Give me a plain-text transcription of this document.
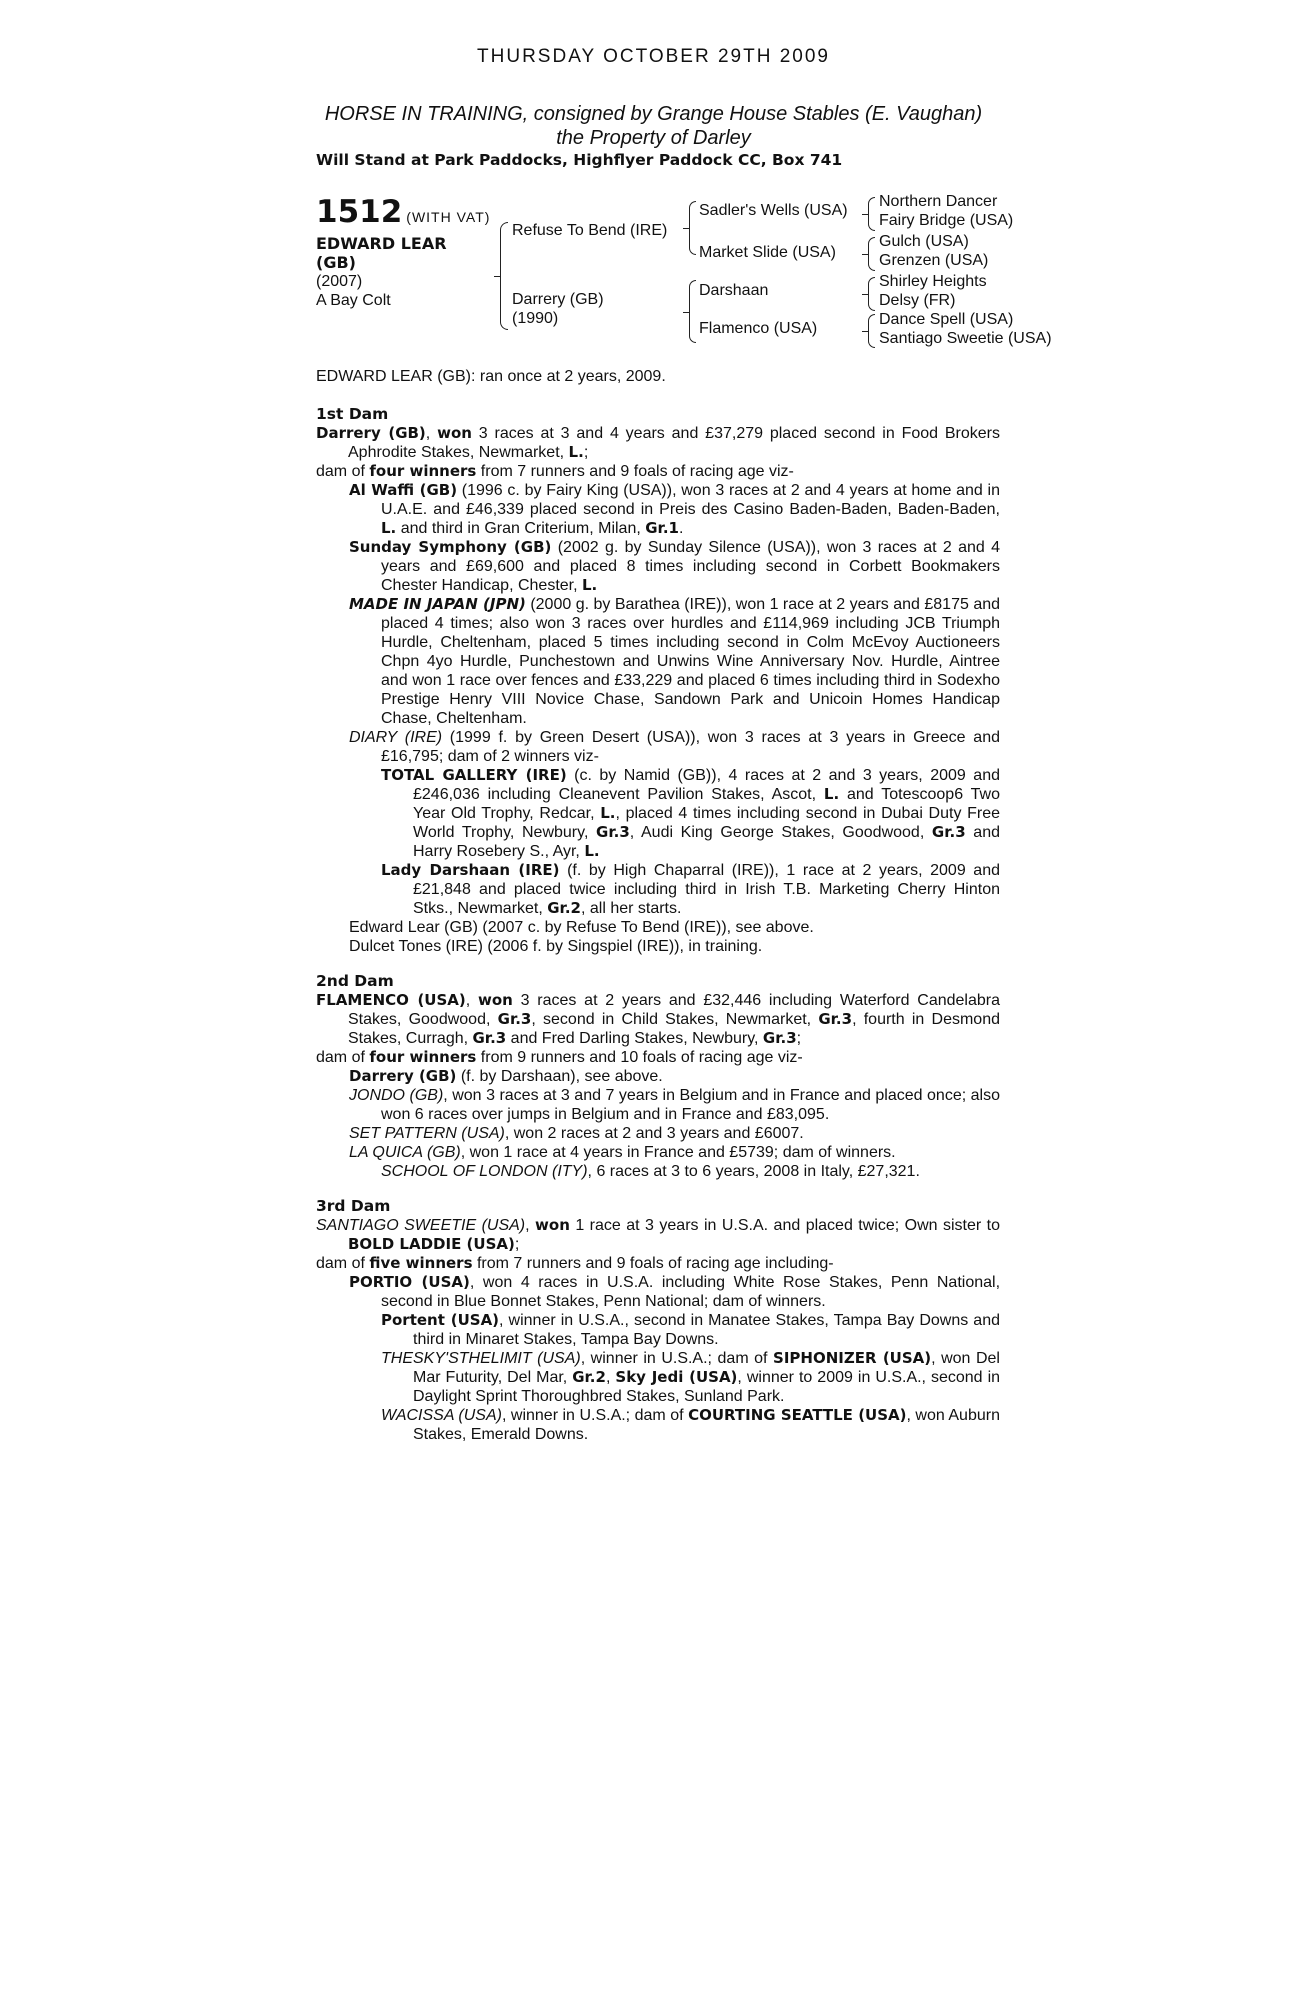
THURSDAY OCTOBER 29TH 2009
HORSE IN TRAINING, consigned by Grange House Stables (E. Vaughan)
the Property of Darley
Will Stand at Park Paddocks, Highflyer Paddock CC, Box 741
1512 (WITH VAT)
EDWARD LEAR (GB)
(2007)
A Bay Colt
Refuse To Bend (IRE)
Darrery (GB)
(1990)
Sadler's Wells (USA)
Market Slide (USA)
Darshaan
Flamenco (USA)
Northern Dancer
Fairy Bridge (USA)
Gulch (USA)
Grenzen (USA)
Shirley Heights
Delsy (FR)
Dance Spell (USA)
Santiago Sweetie (USA)
EDWARD LEAR (GB): ran once at 2 years, 2009.
1st Dam
Darrery (GB), won 3 races at 3 and 4 years and £37,279 placed second in Food Brokers Aphrodite Stakes, Newmarket, L.;
dam of four winners from 7 runners and 9 foals of racing age viz-
Al Waffi (GB) (1996 c. by Fairy King (USA)), won 3 races at 2 and 4 years at home and in U.A.E. and £46,339 placed second in Preis des Casino Baden-Baden, Baden-Baden, L. and third in Gran Criterium, Milan, Gr.1.
Sunday Symphony (GB) (2002 g. by Sunday Silence (USA)), won 3 races at 2 and 4 years and £69,600 and placed 8 times including second in Corbett Bookmakers Chester Handicap, Chester, L.
MADE IN JAPAN (JPN) (2000 g. by Barathea (IRE)), won 1 race at 2 years and £8175 and placed 4 times; also won 3 races over hurdles and £114,969 including JCB Triumph Hurdle, Cheltenham, placed 5 times including second in Colm McEvoy Auctioneers Chpn 4yo Hurdle, Punchestown and Unwins Wine Anniversary Nov. Hurdle, Aintree and won 1 race over fences and £33,229 and placed 6 times including third in Sodexho Prestige Henry VIII Novice Chase, Sandown Park and Unicoin Homes Handicap Chase, Cheltenham.
DIARY (IRE) (1999 f. by Green Desert (USA)), won 3 races at 3 years in Greece and £16,795; dam of 2 winners viz-
TOTAL GALLERY (IRE) (c. by Namid (GB)), 4 races at 2 and 3 years, 2009 and £246,036 including Cleanevent Pavilion Stakes, Ascot, L. and Totescoop6 Two Year Old Trophy, Redcar, L., placed 4 times including second in Dubai Duty Free World Trophy, Newbury, Gr.3, Audi King George Stakes, Goodwood, Gr.3 and Harry Rosebery S., Ayr, L.
Lady Darshaan (IRE) (f. by High Chaparral (IRE)), 1 race at 2 years, 2009 and £21,848 and placed twice including third in Irish T.B. Marketing Cherry Hinton Stks., Newmarket, Gr.2, all her starts.
Edward Lear (GB) (2007 c. by Refuse To Bend (IRE)), see above.
Dulcet Tones (IRE) (2006 f. by Singspiel (IRE)), in training.
2nd Dam
FLAMENCO (USA), won 3 races at 2 years and £32,446 including Waterford Candelabra Stakes, Goodwood, Gr.3, second in Child Stakes, Newmarket, Gr.3, fourth in Desmond Stakes, Curragh, Gr.3 and Fred Darling Stakes, Newbury, Gr.3;
dam of four winners from 9 runners and 10 foals of racing age viz-
Darrery (GB) (f. by Darshaan), see above.
JONDO (GB), won 3 races at 3 and 7 years in Belgium and in France and placed once; also won 6 races over jumps in Belgium and in France and £83,095.
SET PATTERN (USA), won 2 races at 2 and 3 years and £6007.
LA QUICA (GB), won 1 race at 4 years in France and £5739; dam of winners.
SCHOOL OF LONDON (ITY), 6 races at 3 to 6 years, 2008 in Italy, £27,321.
3rd Dam
SANTIAGO SWEETIE (USA), won 1 race at 3 years in U.S.A. and placed twice; Own sister to BOLD LADDIE (USA);
dam of five winners from 7 runners and 9 foals of racing age including-
PORTIO (USA), won 4 races in U.S.A. including White Rose Stakes, Penn National, second in Blue Bonnet Stakes, Penn National; dam of winners.
Portent (USA), winner in U.S.A., second in Manatee Stakes, Tampa Bay Downs and third in Minaret Stakes, Tampa Bay Downs.
THESKY'STHELIMIT (USA), winner in U.S.A.; dam of SIPHONIZER (USA), won Del Mar Futurity, Del Mar, Gr.2, Sky Jedi (USA), winner to 2009 in U.S.A., second in Daylight Sprint Thoroughbred Stakes, Sunland Park.
WACISSA (USA), winner in U.S.A.; dam of COURTING SEATTLE (USA), won Auburn Stakes, Emerald Downs.
